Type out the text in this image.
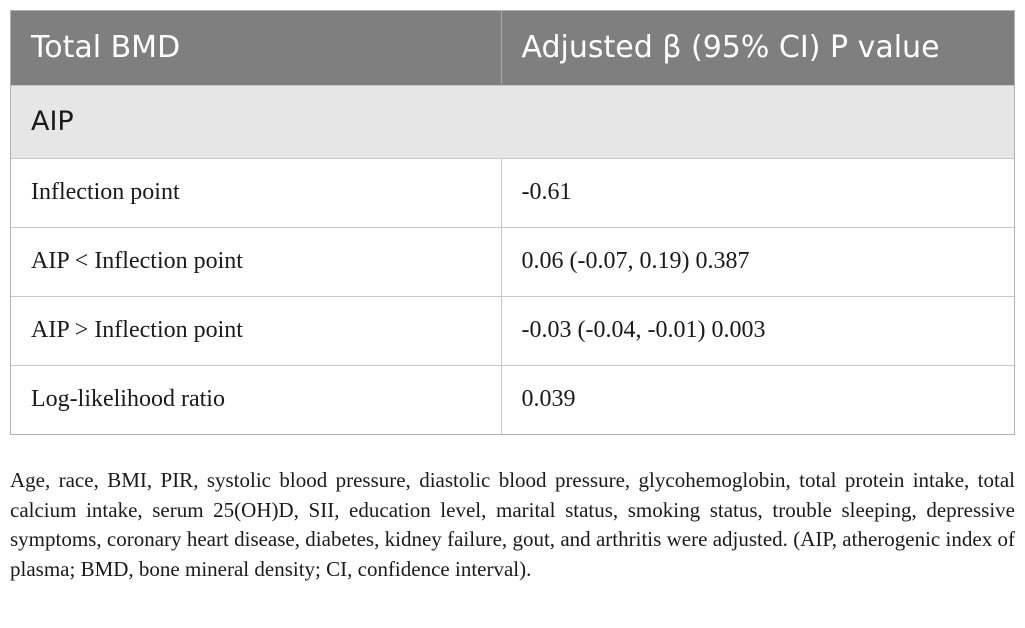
Total BMD	Adjusted β (95% CI) P value
AIP	
Inflection point	-0.61
AIP < Inflection point	0.06 (-0.07, 0.19) 0.387
AIP > Inflection point	-0.03 (-0.04, -0.01) 0.003
Log-likelihood ratio	0.039

Age, race, BMI, PIR, systolic blood pressure, diastolic blood pressure, glycohemoglobin, total protein intake, total calcium intake, serum 25(OH)D, SII, education level, marital status, smoking status, trouble sleeping, depressive symptoms, coronary heart disease, diabetes, kidney failure, gout, and arthritis were adjusted. (AIP, atherogenic index of plasma; BMD, bone mineral density; CI, confidence interval).
